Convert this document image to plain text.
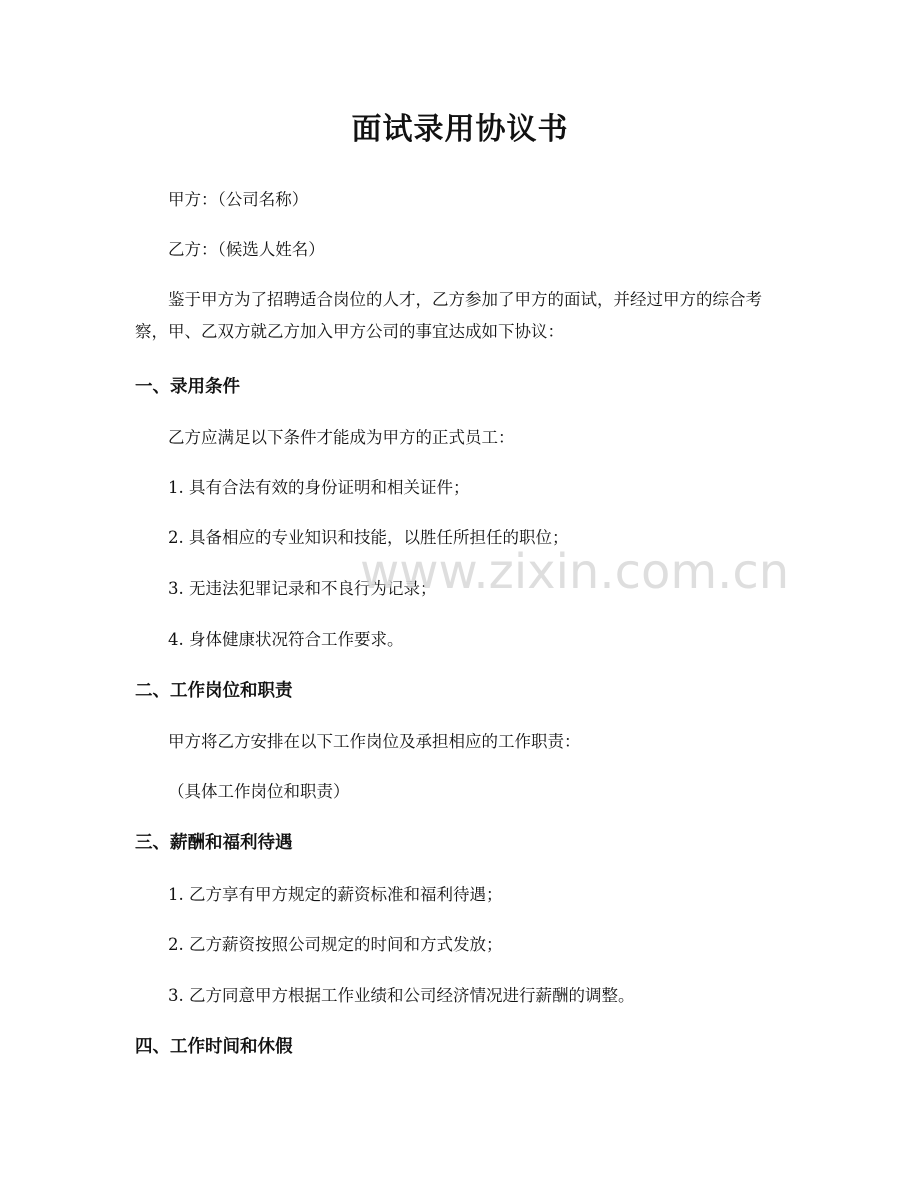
面试录用协议书

甲方：（公司名称）

乙方：（候选人姓名）

鉴于甲方为了招聘适合岗位的人才，乙方参加了甲方的面试，并经过甲方的综合考察，甲、乙双方就乙方加入甲方公司的事宜达成如下协议：

一、录用条件

乙方应满足以下条件才能成为甲方的正式员工：

1. 具有合法有效的身份证明和相关证件；

2. 具备相应的专业知识和技能，以胜任所担任的职位；

3. 无违法犯罪记录和不良行为记录；

4. 身体健康状况符合工作要求。

二、工作岗位和职责

甲方将乙方安排在以下工作岗位及承担相应的工作职责：

（具体工作岗位和职责）

三、薪酬和福利待遇

1. 乙方享有甲方规定的薪资标准和福利待遇；

2. 乙方薪资按照公司规定的时间和方式发放；

3. 乙方同意甲方根据工作业绩和公司经济情况进行薪酬的调整。

四、工作时间和休假
www.zixin.com.cn
